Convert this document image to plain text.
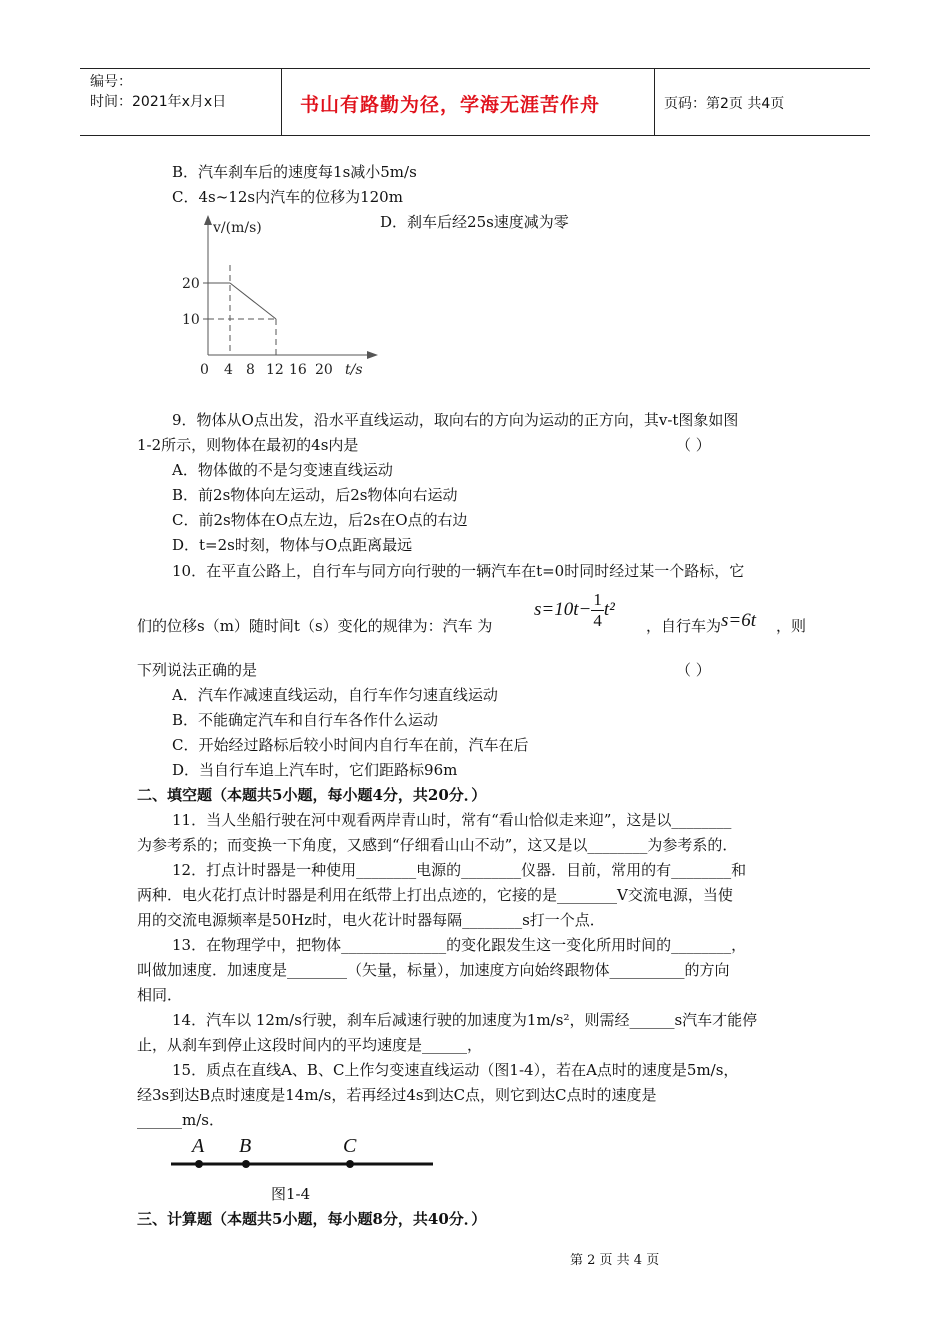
编号：
时间：2021年x月x日	书山有路勤为径，学海无涯苦作舟	页码：第2页 共4页
B．汽车刹车后的速度每1s减小5m/s
C．4s~12s内汽车的位移为120m
D．刹车后经25s速度减为零
v/(m/s)
20
10
0 4 8 12 16 20 t/s
9．物体从O点出发，沿水平直线运动，取向右的方向为运动的正方向，其v-t图象如图
1-2所示，则物体在最初的4s内是	（ ）
A．物体做的不是匀变速直线运动
B．前2s物体向左运动，后2s物体向右运动
C．前2s物体在O点左边，后2s在O点的右边
D．t=2s时刻，物体与O点距离最远
10．在平直公路上，自行车与同方向行驶的一辆汽车在t=0时同时经过某一个路标，它
们的位移s（m）随时间t（s）变化的规律为：汽车 为
$s=10t- \frac{1}{4} t^2$
，自行车为 s=6t ，则
下列说法正确的是	（ ）
A．汽车作减速直线运动，自行车作匀速直线运动
B．不能确定汽车和自行车各作什么运动
C．开始经过路标后较小时间内自行车在前，汽车在后
D．当自行车追上汽车时，它们距路标96m
二、填空题（本题共5小题，每小题4分，共20分．）
11．当人坐船行驶在河中观看两岸青山时，常有“看山恰似走来迎”，这是以________
为参考系的；而变换一下角度，又感到“仔细看山山不动”，这又是以________为参考系的．
12．打点计时器是一种使用________电源的________仪器．目前，常用的有________和
两种．电火花打点计时器是利用在纸带上打出点迹的，它接的是________V交流电源，当使
用的交流电源频率是50Hz时，电火花计时器每隔________s打一个点．
13．在物理学中，把物体______________的变化跟发生这一变化所用时间的________，
叫做加速度．加速度是________（矢量，标量），加速度方向始终跟物体__________的方向
相同．
14．汽车以 12m/s行驶，刹车后减速行驶的加速度为1m/s²，则需经______s汽车才能停
止，从刹车到停止这段时间内的平均速度是______，
15．质点在直线A、B、C上作匀变速直线运动（图1-4），若在A点时的速度是5m/s，
经3s到达B点时速度是14m/s，若再经过4s到达C点，则它到达C点时的速度是
______m/s．
A B	C
图1-4
三、计算题（本题共5小题，每小题8分，共40分．）
第 2 页 共 4 页
